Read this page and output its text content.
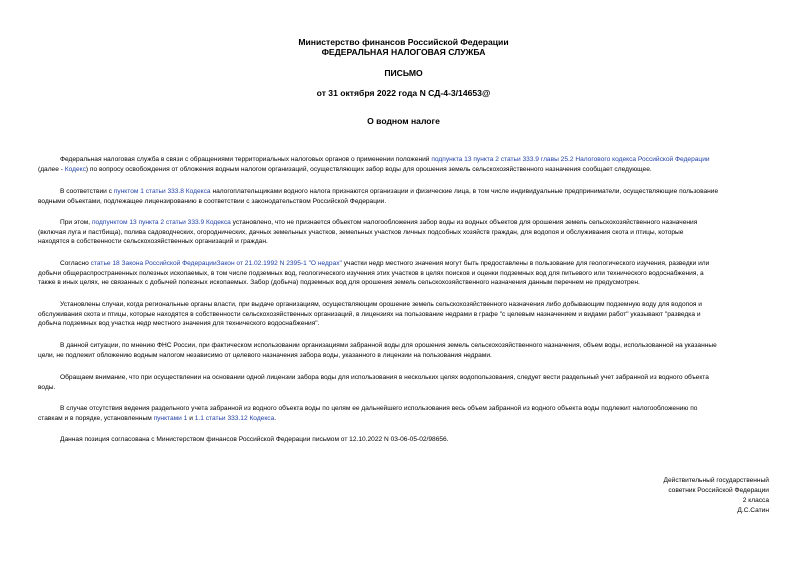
Министерство финансов Российской Федерации
ФЕДЕРАЛЬНАЯ НАЛОГОВАЯ СЛУЖБА
ПИСЬМО
от 31 октября 2022 года N СД-4-3/14653@
О водном налоге
Федеральная налоговая служба в связи с обращениями территориальных налоговых органов о применении положений подпункта 13 пункта 2 статьи 333.9 главы 25.2 Налогового кодекса Российской Федерации
(далее - Кодекс) по вопросу освобождения от обложения водным налогом организаций, осуществляющих забор воды для орошения земель сельскохозяйственного назначения сообщает следующее.
В соответствии с пунктом 1 статьи 333.8 Кодекса налогоплательщиками водного налога признаются организации и физические лица, в том числе индивидуальные предприниматели, осуществляющие пользование
водными объектами, подлежащее лицензированию в соответствии с законодательством Российской Федерации.
При этом, подпунктом 13 пункта 2 статьи 333.9 Кодекса установлено, что не признается объектом налогообложения забор воды из водных объектов для орошения земель сельскохозяйственного назначения
(включая луга и пастбища), полива садоводческих, огороднических, дачных земельных участков, земельных участков личных подсобных хозяйств граждан, для водопоя и обслуживания скота и птицы, которые
находятся в собственности сельскохозяйственных организаций и граждан.
Согласно статье 18 Закона Российской ФедерацииЗакон от 21.02.1992 N 2395-1 "О недрах" участки недр местного значения могут быть предоставлены в пользование для геологического изучения, разведки или
добычи общераспространенных полезных ископаемых, в том числе подземных вод, геологического изучения этих участков в целях поисков и оценки подземных вод для питьевого или технического водоснабжения, а
также в иных целях, не связанных с добычей полезных ископаемых. Забор (добыча) подземных вод для орошения земель сельскохозяйственного назначения данным перечнем не предусмотрен.
Установлены случаи, когда региональные органы власти, при выдаче организациям, осуществляющим орошение земель сельскохозяйственного назначения либо добывающим подземную воду для водопоя и
обслуживания скота и птицы, которые находятся в собственности сельскохозяйственных организаций, в лицензиях на пользование недрами в графе "с целевым назначением и видами работ" указывают "разведка и
добыча подземных вод участка недр местного значения для технического водоснабжения".
В данной ситуации, по мнению ФНС России, при фактическом использовании организациями забранной воды для орошения земель сельскохозяйственного назначения, объем воды, использованной на указанные
цели, не подлежит обложению водным налогом независимо от целевого назначения забора воды, указанного в лицензии на пользования недрами.
Обращаем внимание, что при осуществлении на основании одной лицензии забора воды для использования в нескольких целях водопользования, следует вести раздельный учет забранной из водного объекта
воды.
В случае отсутствия ведения раздельного учета забранной из водного объекта воды по целям ее дальнейшего использования весь объем забранной из водного объекта воды подлежит налогообложению по
ставкам и в порядке, установленным пунктами 1 и 1.1 статьи 333.12 Кодекса.
Данная позиция согласована с Министерством финансов Российской Федерации письмом от 12.10.2022 N 03-06-05-02/98656.
Действительный государственный
советник Российской Федерации
2 класса
Д.С.Сатин
